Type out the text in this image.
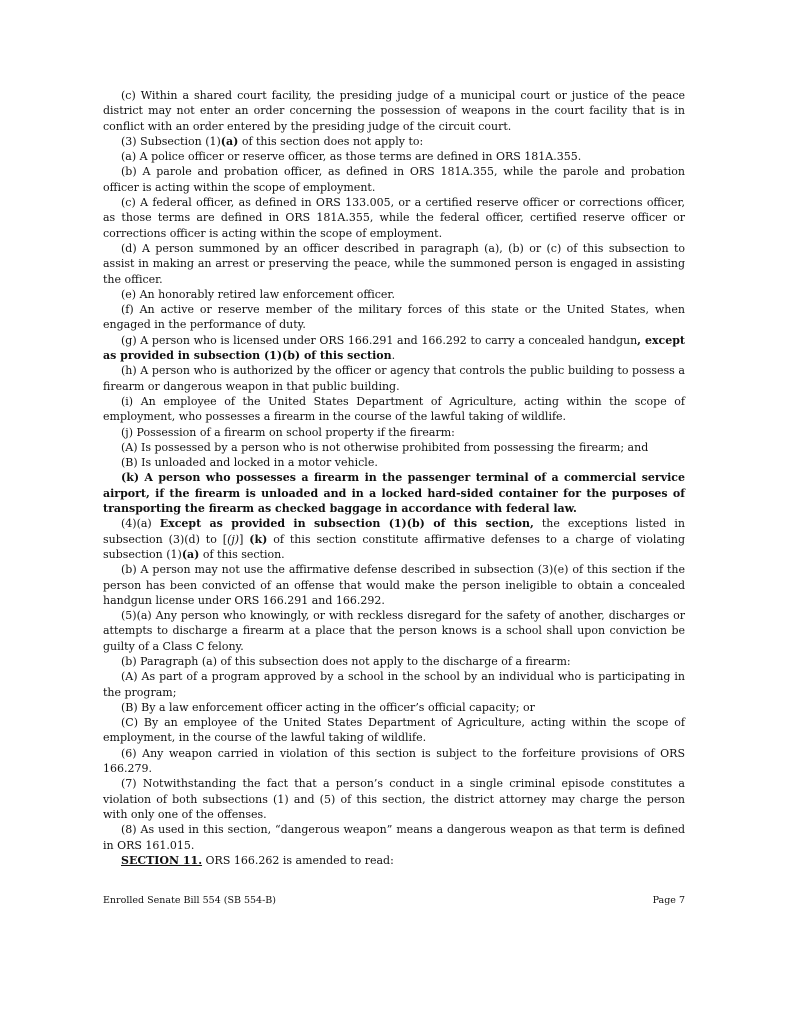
(c) Within a shared court facility, the presiding judge of a municipal court or justice of the peace district may not enter an order concerning the possession of weapons in the court facility that is in conflict with an order entered by the presiding judge of the circuit court.

(3) Subsection (1)(a) of this section does not apply to:

(a) A police officer or reserve officer, as those terms are defined in ORS 181A.355.

(b) A parole and probation officer, as defined in ORS 181A.355, while the parole and probation officer is acting within the scope of employment.

(c) A federal officer, as defined in ORS 133.005, or a certified reserve officer or corrections officer, as those terms are defined in ORS 181A.355, while the federal officer, certified reserve officer or corrections officer is acting within the scope of employment.

(d) A person summoned by an officer described in paragraph (a), (b) or (c) of this subsection to assist in making an arrest or preserving the peace, while the summoned person is engaged in assisting the officer.

(e) An honorably retired law enforcement officer.

(f) An active or reserve member of the military forces of this state or the United States, when engaged in the performance of duty.

(g) A person who is licensed under ORS 166.291 and 166.292 to carry a concealed handgun, except as provided in subsection (1)(b) of this section.

(h) A person who is authorized by the officer or agency that controls the public building to possess a firearm or dangerous weapon in that public building.

(i) An employee of the United States Department of Agriculture, acting within the scope of employment, who possesses a firearm in the course of the lawful taking of wildlife.

(j) Possession of a firearm on school property if the firearm:

(A) Is possessed by a person who is not otherwise prohibited from possessing the firearm; and

(B) Is unloaded and locked in a motor vehicle.

(k) A person who possesses a firearm in the passenger terminal of a commercial service airport, if the firearm is unloaded and in a locked hard-sided container for the purposes of transporting the firearm as checked baggage in accordance with federal law.

(4)(a) Except as provided in subsection (1)(b) of this section, the exceptions listed in subsection (3)(d) to [(j)] (k) of this section constitute affirmative defenses to a charge of violating subsection (1)(a) of this section.

(b) A person may not use the affirmative defense described in subsection (3)(e) of this section if the person has been convicted of an offense that would make the person ineligible to obtain a concealed handgun license under ORS 166.291 and 166.292.

(5)(a) Any person who knowingly, or with reckless disregard for the safety of another, discharges or attempts to discharge a firearm at a place that the person knows is a school shall upon conviction be guilty of a Class C felony.

(b) Paragraph (a) of this subsection does not apply to the discharge of a firearm:

(A) As part of a program approved by a school in the school by an individual who is participating in the program;

(B) By a law enforcement officer acting in the officer’s official capacity; or

(C) By an employee of the United States Department of Agriculture, acting within the scope of employment, in the course of the lawful taking of wildlife.

(6) Any weapon carried in violation of this section is subject to the forfeiture provisions of ORS 166.279.

(7) Notwithstanding the fact that a person’s conduct in a single criminal episode constitutes a violation of both subsections (1) and (5) of this section, the district attorney may charge the person with only one of the offenses.

(8) As used in this section, “dangerous weapon” means a dangerous weapon as that term is defined in ORS 161.015.

SECTION 11. ORS 166.262 is amended to read:

Enrolled Senate Bill 554 (SB 554-B)	Page 7
